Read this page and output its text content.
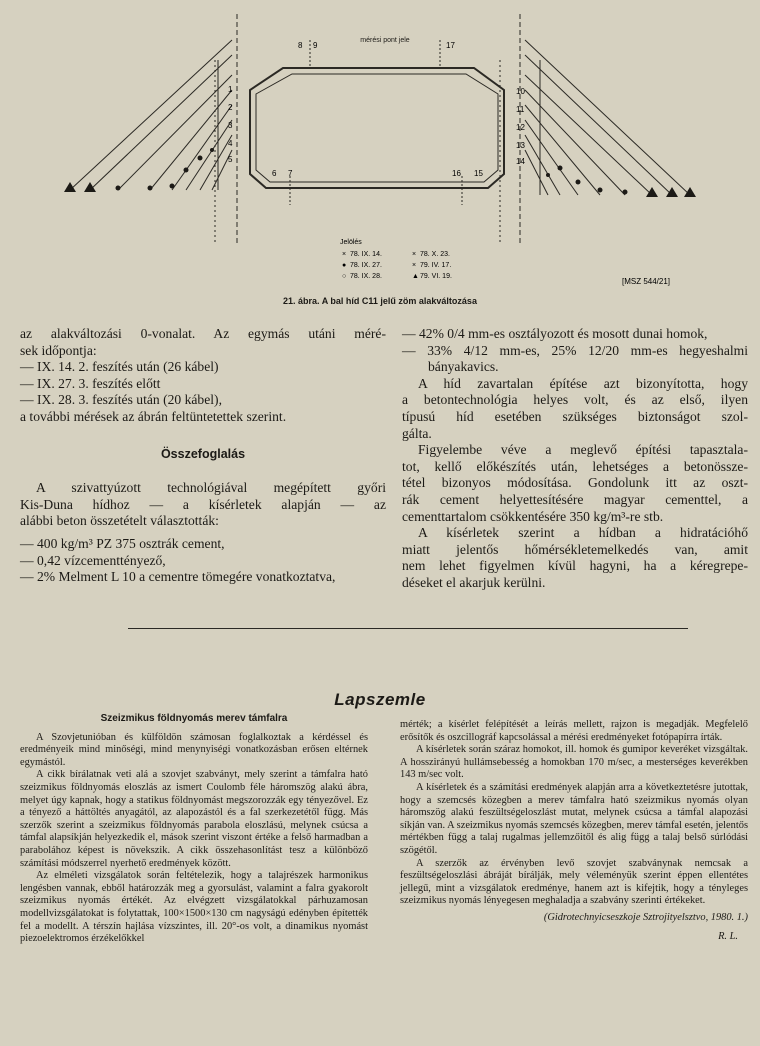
mérési pont jele
8 9	17
1
2
3
4
5
10
11
12
13
14
6 7	16 15
Jelölés
× 78. IX. 14.
● 78. IX. 27.
○ 78. IX. 28.
× 78. X. 23.
× 79. IV. 17.
▲ 79. VI. 19.
[MSZ 544/21]
21. ábra. A bal híd C11 jelű zöm alakváltozása
az alakváltozási 0-vonalat. Az egymás utáni méré-
sek időpontja:
— IX. 14. 2. feszítés után (26 kábel)
— IX. 27. 3. feszítés előtt
— IX. 28. 3. feszítés után (20 kábel),
a további mérések az ábrán feltüntetettek szerint.
Összefoglalás
A szivattyúzott technológiával megépített győri
Kis-Duna hídhoz — a kísérletek alapján — az
alábbi beton összetételt választották:
— 400 kg/m³ PZ 375 osztrák cement,
— 0,42 vízcementtényező,
— 2% Melment L 10 a cementre tömegére vonatkoztatva,
— 42% 0/4 mm-es osztályozott és mosott dunai homok,
— 33% 4/12 mm-es, 25% 12/20 mm-es hegyeshalmi bányakavics.
A híd zavartalan építése azt bizonyította, hogy
a betontechnológia helyes volt, és az első, ilyen
típusú híd esetében szükséges biztonságot szol-
gálta.
Figyelembe véve a meglevő építési tapasztala-
tot, kellő előkészítés után, lehetséges a betonössze-
tétel bizonyos módosítása. Gondolunk itt az oszt-
rák cement helyettesítésére magyar cementtel, a
cementtartalom csökkentésére 350 kg/m³-re stb.
A kísérletek szerint a hídban a hidratációhő
miatt jelentős hőmérsékletemelkedés van, amit
nem lehet figyelmen kívül hagyni, ha a kéregrepe-
déseket el akarjuk kerülni.
Lapszemle
Szeizmikus földnyomás merev támfalra

A Szovjetunióban és külföldön számosan foglalkoztak a kérdéssel és eredményeik mind minőségi, mind menynyiségi vonatkozásban erősen eltérnek egymástól.

A cikk bírálatnak veti alá a szovjet szabványt, mely szerint a támfalra ható szeizmikus földnyomás eloszlás az ismert Coulomb féle háromszög alakú ábra, melyet úgy kapnak, hogy a statikus földnyomást megszorozzák egy tényezővel. Ez a tényező a háttöltés anyagától, az alapozástól és a fal szerkezetétől függ. Más szerzők szerint a szeizmikus földnyomás parabola eloszlású, melynek csúcsa a támfal alapsíkján helyezkedik el, mások szerint viszont értéke a felső harmadban a parabolához képest is növekszik. A cikk összehasonlítást tesz a különböző számítási módszerrel nyerhető eredmények között.

Az elméleti vizsgálatok során feltételezik, hogy a talajrészek harmonikus lengésben vannak, ebből határozzák meg a gyorsulást, valamint a falra gyakorolt szeizmikus nyomás értékét. Az elvégzett vizsgálatokkal párhuzamosan modellvizsgálatokat is folytattak, 100×1500×130 cm nagyságú edényben építették fel a modellt. A térszín hajlása vízszintes, ill. 20°-os volt, a dinamikus nyomást piezoelektromos érzékelőkkel

mérték; a kísérlet felépítését a leírás mellett, rajzon is megadják. Megfelelő erősítők és oszcillográf kapcsolással a mérési eredményeket fotópapírra írták.

A kísérletek során száraz homokot, ill. homok és gumipor keveréket vizsgáltak. A hosszirányú hullámsebesség a homokban 170 m/sec, a mesterséges keverékben 143 m/sec volt.

A kísérletek és a számítási eredmények alapján arra a következtetésre jutottak, hogy a szemcsés közegben a merev támfalra ható szeizmikus nyomás olyan háromszög alakú feszültségeloszlást mutat, melynek csúcsa a támfal alapozási síkján van. A szeizmikus nyomás szemcsés közegben, merev támfal esetén, jelentős mértékben függ a talaj rugalmas jellemzőitől és alig függ a talaj belső súrlódási szögétől.

A szerzők az érvényben levő szovjet szabványnak nemcsak a feszültségeloszlási ábráját bírálják, mely véleményük szerint éppen ellentétes jellegű, mint a vizsgálatok eredménye, hanem azt is kifejtik, hogy a tényleges szeizmikus nyomás lényegesen meghaladja a szabvány szerinti értékeket.

(Gidrotechnyicseszkoje Sztrojityelsztvo, 1980. 1.)

R. L.
